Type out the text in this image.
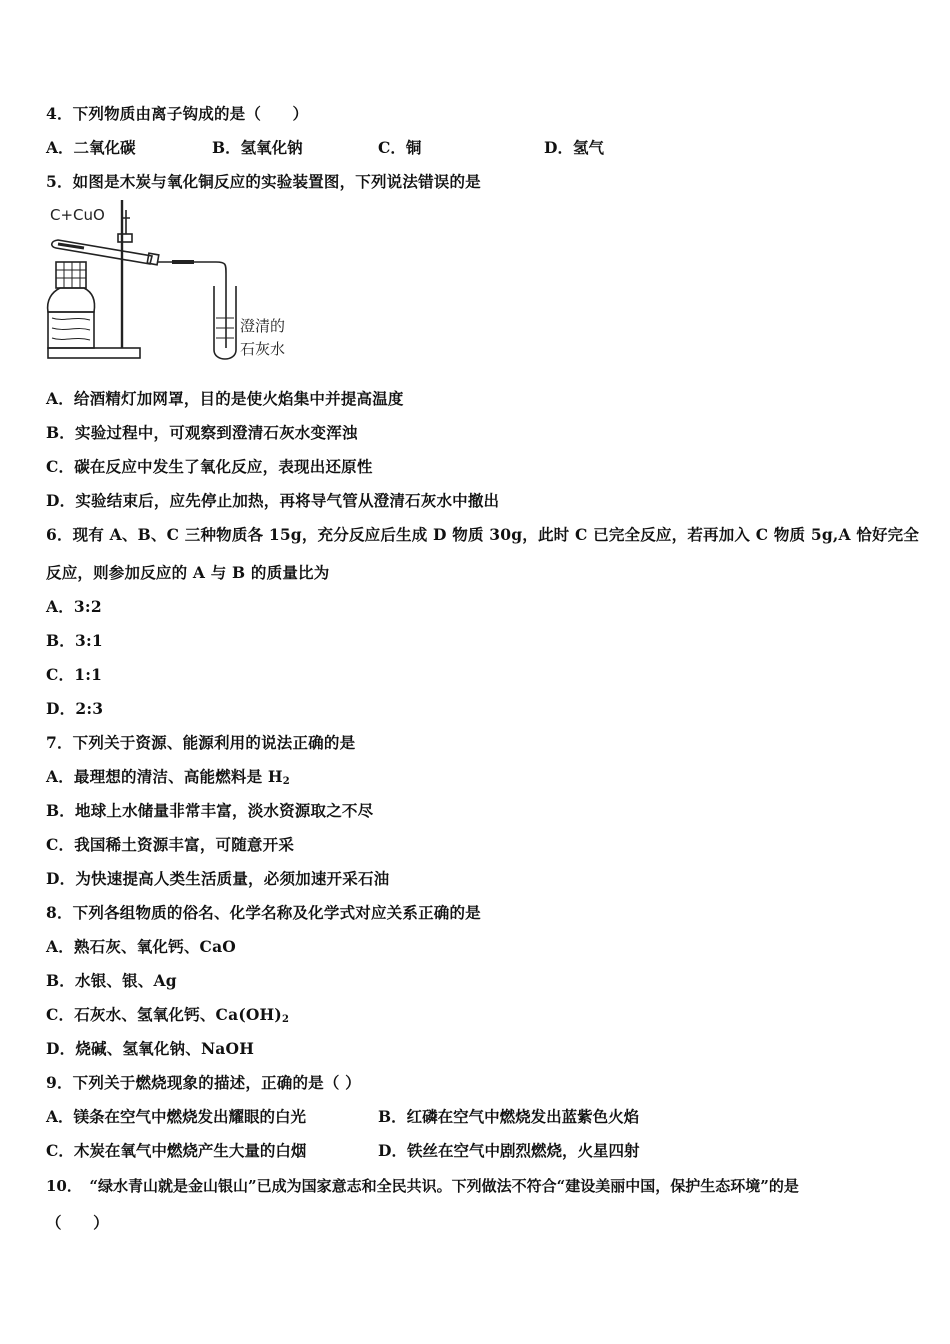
4．下列物质由离子钩成的是（　　）
A．二氧化碳	B．氢氧化钠	C．铜	D．氢气
5．如图是木炭与氧化铜反应的实验装置图，下列说法错误的是
C+CuO
澄清的
石灰水
A．给酒精灯加网罩，目的是使火焰集中并提高温度
B．实验过程中，可观察到澄清石灰水变浑浊
C．碳在反应中发生了氧化反应，表现出还原性
D．实验结束后，应先停止加热，再将导气管从澄清石灰水中撤出
6．现有 A、B、C 三种物质各 15g，充分反应后生成 D 物质 30g，此时 C 已完全反应，若再加入 C 物质 5g,A 恰好完全
反应，则参加反应的 A 与 B 的质量比为
A．3:2
B．3:1
C．1:1
D．2:3
7．下列关于资源、能源利用的说法正确的是
A．最理想的清洁、高能燃料是 $H_2$
B．地球上水储量非常丰富，淡水资源取之不尽
C．我国稀土资源丰富，可随意开采
D．为快速提高人类生活质量，必须加速开采石油
8．下列各组物质的俗名、化学名称及化学式对应关系正确的是
A．熟石灰、氧化钙、CaO
B．水银、银、Ag
C．石灰水、氢氧化钙、$Ca(OH)_2$
D．烧碱、氢氧化钠、NaOH
9．下列关于燃烧现象的描述，正确的是（ ）
A．镁条在空气中燃烧发出耀眼的白光	B．红磷在空气中燃烧发出蓝紫色火焰
C．木炭在氧气中燃烧产生大量的白烟	D．铁丝在空气中剧烈燃烧，火星四射
10．　“绿水青山就是金山银山”已成为国家意志和全民共识。下列做法不符合“建设美丽中国，保护生态环境”的是
（　　）
